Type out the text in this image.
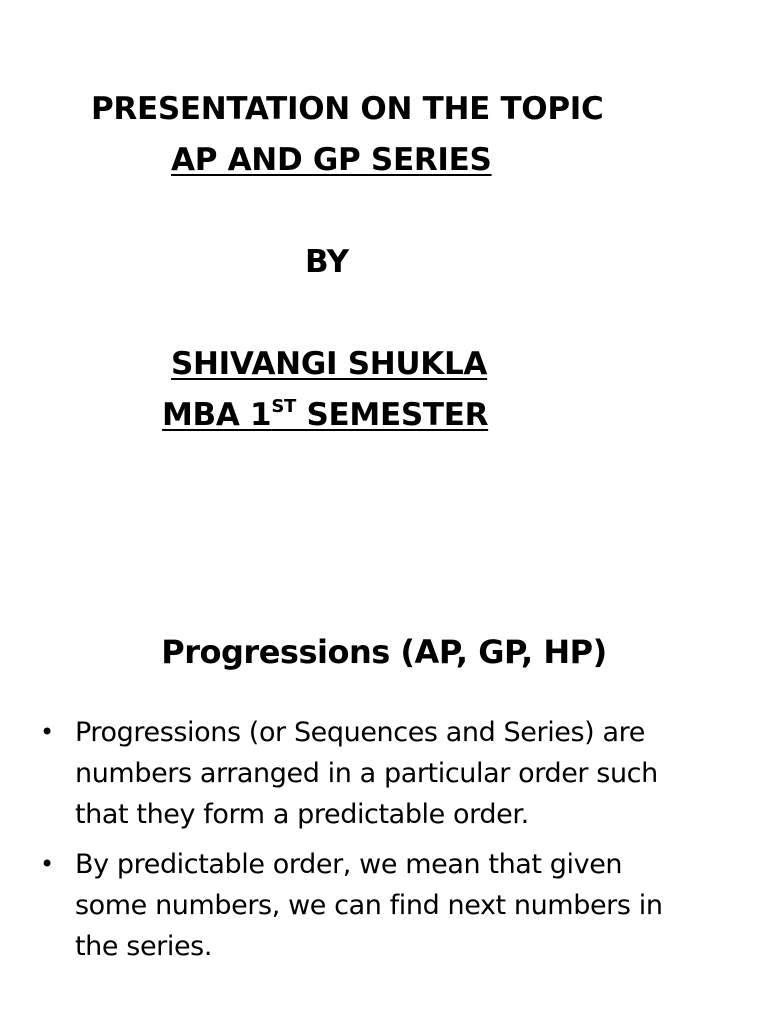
PRESENTATION ON THE TOPIC
AP AND GP SERIES
BY
SHIVANGI SHUKLA
MBA 1ST SEMESTER
Progressions (AP, GP, HP)
• Progressions (or Sequences and Series) are
numbers arranged in a particular order such
that they form a predictable order.
• By predictable order, we mean that given
some numbers, we can find next numbers in
the series.
